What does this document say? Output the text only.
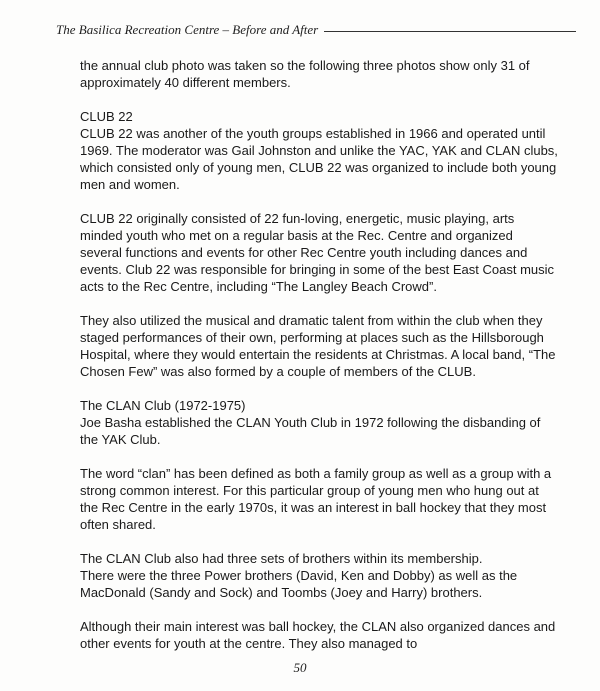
The Basilica Recreation Centre – Before and After

the annual club photo was taken so the following three photos show only 31 of approximately 40 different members.

CLUB 22

CLUB 22 was another of the youth groups established in 1966 and operated until 1969. The moderator was Gail Johnston and unlike the YAC, YAK and CLAN clubs, which consisted only of young men, CLUB 22 was organized to include both young men and women.

CLUB 22 originally consisted of 22 fun-loving, energetic, music playing, arts minded youth who met on a regular basis at the Rec. Centre and organized several functions and events for other Rec Centre youth including dances and events. Club 22 was responsible for bringing in some of the best East Coast music acts to the Rec Centre, including “The Langley Beach Crowd”.

They also utilized the musical and dramatic talent from within the club when they staged performances of their own, performing at places such as the Hillsborough Hospital, where they would entertain the residents at Christmas. A local band, “The Chosen Few” was also formed by a couple of members of the CLUB.

The CLAN Club (1972-1975)

Joe Basha established the CLAN Youth Club in 1972 following the disbanding of the YAK Club.

The word “clan” has been defined as both a family group as well as a group with a strong common interest. For this particular group of young men who hung out at the Rec Centre in the early 1970s, it was an interest in ball hockey that they most often shared.

The CLAN Club also had three sets of brothers within its membership.

There were the three Power brothers (David, Ken and Dobby) as well as the MacDonald (Sandy and Sock) and Toombs (Joey and Harry) brothers.

Although their main interest was ball hockey, the CLAN also organized dances and other events for youth at the centre. They also managed to

50
